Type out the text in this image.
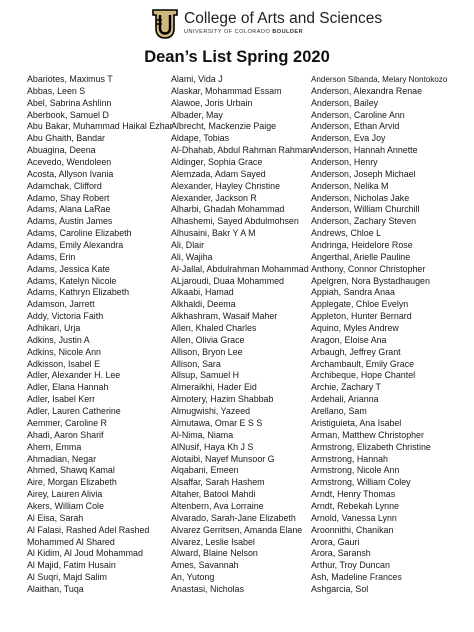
College of Arts and Sciences
UNIVERSITY OF COLORADO BOULDER
Dean’s List Spring 2020
Abariotes, Maximus T
Abbas, Leen S
Abel, Sabrina Ashlinn
Aberbook, Samuel D
Abu Bakar, Muhammad Haikal Ezhar
Abu Ghaith, Bandar
Abuagina, Deena
Acevedo, Wendoleen
Acosta, Allyson Ivania
Adamchak, Clifford
Adamo, Shay Robert
Adams, Alana LaRae
Adams, Austin James
Adams, Caroline Elizabeth
Adams, Emily Alexandra
Adams, Erin
Adams, Jessica Kate
Adams, Katelyn Nicole
Adams, Kathryn Elizabeth
Adamson, Jarrett
Addy, Victoria Faith
Adhikari, Urja
Adkins, Justin A
Adkins, Nicole Ann
Adkisson, Isabel E
Adler, Alexander H. Lee
Adler, Elana Hannah
Adler, Isabel Kerr
Adler, Lauren Catherine
Aemmer, Caroline R
Ahadi, Aaron Sharif
Ahern, Emma
Ahmadian, Negar
Ahmed, Shawq Kamal
Aire, Morgan Elizabeth
Airey, Lauren Alivia
Akers, William Cole
Al Eisa, Sarah
Al Falasi, Rashed Adel Rashed
Mohammed Al Shared
Al Kidim, Al Joud Mohammad
Al Majid, Fatim Husain
Al Suqri, Majd Salim
Alaithan, Tuqa
Alami, Vida J
Alaskar, Mohammad Essam
Alawoe, Joris Urbain
Albader, May
Albrecht, Mackenzie Paige
Aldape, Tobias
Al-Dhahab, Abdul Rahman Rahman
Aldinger, Sophia Grace
Alemzada, Adam Sayed
Alexander, Hayley Christine
Alexander, Jackson R
Alharbi, Ghadah Mohammad
Alhashemi, Sayed Abdulmohsen
Alhusaini, Bakr Y A M
Ali, Dlair
Ali, Wajiha
Al-Jallal, Abdulrahman Mohammad
ALjaroudi, Duaa Mohammed
Alkaabi, Hamad
Alkhaldi, Deema
Alkhashram, Wasaif Maher
Allen, Khaled Charles
Allen, Olivia Grace
Allison, Bryon Lee
Allison, Sara
Allsup, Samuel H
Almeraikhi, Hader Eid
Almotery, Hazim Shabbab
Almugwishi, Yazeed
Almutawa, Omar E S S
Al-Nima, Niama
AlNusif, Haya Kh J S
Alotaibi, Nayef Munsoor G
Alqabani, Emeen
Alsaffar, Sarah Hashem
Altaher, Batool Mahdi
Altenbern, Ava Lorraine
Alvarado, Sarah-Jane Elizabeth
Alvarez Gerritsen, Amanda Elane
Alvarez, Leslie Isabel
Alward, Blaine Nelson
Ames, Savannah
An, Yutong
Anastasi, Nicholas
Anderson Sibanda, Melary Nontokozo
Anderson, Alexandra Renae
Anderson, Bailey
Anderson, Caroline Ann
Anderson, Ethan Arvid
Anderson, Eva Joy
Anderson, Hannah Annette
Anderson, Henry
Anderson, Joseph Michael
Anderson, Nelika M
Anderson, Nicholas Jake
Anderson, William Churchill
Anderson, Zachary Steven
Andrews, Chloe L
Andringa, Heidelore Rose
Angerthal, Arielle Pauline
Anthony, Connor Christopher
Apelgren, Nora Bystadhaugen
Appiah, Sandra Anaa
Applegate, Chloe Evelyn
Appleton, Hunter Bernard
Aquino, Myles Andrew
Aragon, Eloise Ana
Arbaugh, Jeffrey Grant
Archambault, Emily Grace
Archibeque, Hope Chantel
Archie, Zachary T
Ardehali, Arianna
Arellano, Sam
Aristiguieta, Ana Isabel
Arman, Matthew Christopher
Armstrong, Elizabeth Christine
Armstrong, Hannah
Armstrong, Nicole Ann
Armstrong, William Coley
Arndt, Henry Thomas
Arndt, Rebekah Lynne
Arnold, Vanessa Lynn
Aroonnithi, Chanikan
Arora, Gauri
Arora, Saransh
Arthur, Troy Duncan
Ash, Madeline Frances
Ashgarcia, Sol
